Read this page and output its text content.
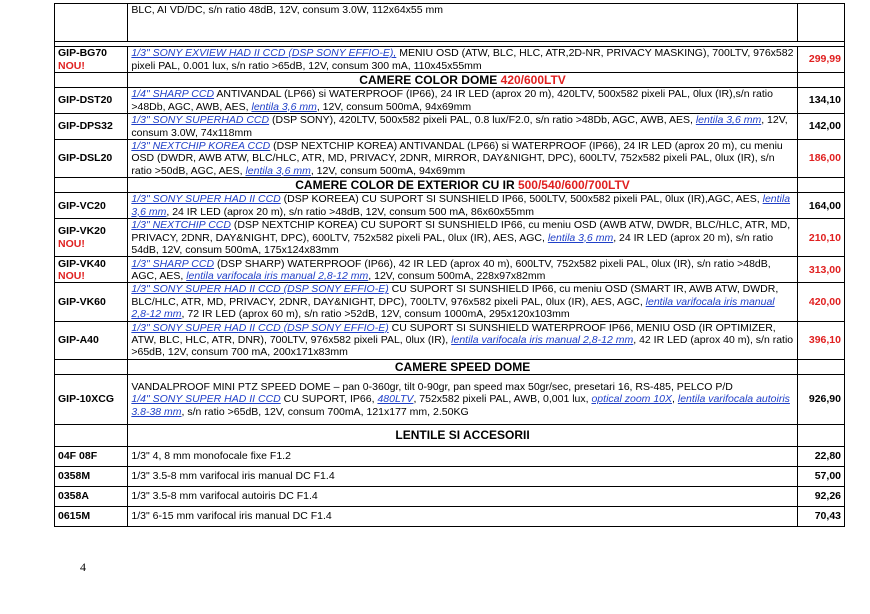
	BLC, AI VD/DC, s/n ratio 48dB, 12V, consum 3.0W, 112x64x55 mm	

GIP-BG70
NOU!	1/3" SONY EXVIEW HAD II CCD (DSP SONY EFFIO-E), MENIU OSD (ATW, BLC, HLC, ATR,2D-NR, PRIVACY MASKING), 700LTV, 976x582 pixeli PAL, 0.001 lux, s/n ratio >65dB, 12V, consum 300 mA, 110x45x55mm	299,99
	CAMERE COLOR DOME 420/600LTV	
GIP-DST20	1/4" SHARP CCD ANTIVANDAL (LP66) si WATERPROOF (IP66), 24 IR LED (aprox 20 m), 420LTV, 500x582 pixeli PAL, 0lux (IR),s/n ratio >48Db, AGC, AWB, AES, lentila 3,6 mm, 12V, consum 500mA, 94x69mm	134,10
GIP-DPS32	1/3" SONY SUPERHAD CCD (DSP SONY), 420LTV, 500x582 pixeli PAL, 0.8 lux/F2.0, s/n ratio >48Db, AGC, AWB, AES, lentila 3,6 mm, 12V, consum 3.0W, 74x118mm	142,00
GIP-DSL20	1/3" NEXTCHIP KOREA CCD (DSP NEXTCHIP KOREA) ANTIVANDAL (LP66) si WATERPROOF (IP66), 24 IR LED (aprox 20 m), cu meniu OSD (DWDR, AWB ATW, BLC/HLC, ATR, MD, PRIVACY, 2DNR, MIRROR, DAY&NIGHT, DPC), 600LTV, 752x582 pixeli PAL, 0lux (IR), s/n ratio >50dB, AGC, AES, lentila 3,6 mm, 12V, consum 500mA, 94x69mm	186,00
	CAMERE COLOR DE EXTERIOR CU IR 500/540/600/700LTV	
GIP-VC20	1/3" SONY SUPER HAD II CCD (DSP KOREEA) CU SUPORT SI SUNSHIELD IP66, 500LTV, 500x582 pixeli PAL, 0lux (IR),AGC, AES, lentila 3,6 mm, 24 IR LED (aprox 20 m), s/n ratio >48dB, 12V, consum 500 mA, 86x60x55mm	164,00
GIP-VK20
NOU!	1/3" NEXTCHIP CCD (DSP NEXTCHIP KOREA) CU SUPORT SI SUNSHIELD IP66, cu meniu OSD (AWB ATW, DWDR, BLC/HLC, ATR, MD, PRIVACY, 2DNR, DAY&NIGHT, DPC), 600LTV, 752x582 pixeli PAL, 0lux (IR), AES, AGC, lentila 3,6 mm, 24 IR LED (aprox 20 m), s/n ratio 54dB, 12V, consum 500mA, 175x124x83mm	210,10
GIP-VK40
NOU!	1/3" SHARP CCD (DSP SHARP) WATERPROOF (IP66), 42 IR LED (aprox 40 m), 600LTV, 752x582 pixeli PAL, 0lux (IR), s/n ratio >48dB, AGC, AES, lentila varifocala iris manual 2,8-12 mm, 12V, consum 500mA, 228x97x82mm	313,00
GIP-VK60	1/3" SONY SUPER HAD II CCD (DSP SONY EFFIO-E) CU SUPORT SI SUNSHIELD IP66, cu meniu OSD (SMART IR, AWB ATW, DWDR, BLC/HLC, ATR, MD, PRIVACY, 2DNR, DAY&NIGHT, DPC), 700LTV, 976x582 pixeli PAL, 0lux (IR), AES, AGC, lentila varifocala iris manual 2,8-12 mm, 72 IR LED (aprox 60 m), s/n ratio >52dB, 12V, consum 1000mA, 295x120x103mm	420,00
GIP-A40	1/3" SONY SUPER HAD II CCD (DSP SONY EFFIO-E) CU SUPORT SI SUNSHIELD WATERPROOF IP66, MENIU OSD (IR OPTIMIZER, ATW, BLC, HLC, ATR, DNR), 700LTV, 976x582 pixeli PAL, 0lux (IR), lentila varifocala iris manual 2,8-12 mm, 42 IR LED (aprox 40 m), s/n ratio >65dB, 12V, consum 700 mA, 200x171x83mm	396,10
	CAMERE SPEED DOME	
GIP-10XCG	VANDALPROOF MINI PTZ SPEED DOME – pan 0-360gr, tilt 0-90gr, pan speed max 50gr/sec, presetari 16, RS-485, PELCO P/D
1/4" SONY SUPER HAD II CCD CU SUPORT, IP66, 480LTV, 752x582 pixeli PAL, AWB, 0,001 lux, optical zoom 10X, lentila varifocala autoiris 3.8-38 mm, s/n ratio >65dB, 12V, consum 700mA, 121x177 mm, 2.50KG	926,90
	LENTILE SI ACCESORII	
04F 08F	1/3" 4, 8 mm monofocale fixe F1.2	22,80
0358M	1/3" 3.5-8 mm varifocal iris manual DC F1.4	57,00
0358A	1/3" 3.5-8 mm varifocal autoiris DC F1.4	92,26
0615M	1/3" 6-15 mm varifocal iris manual DC F1.4	70,43
4
